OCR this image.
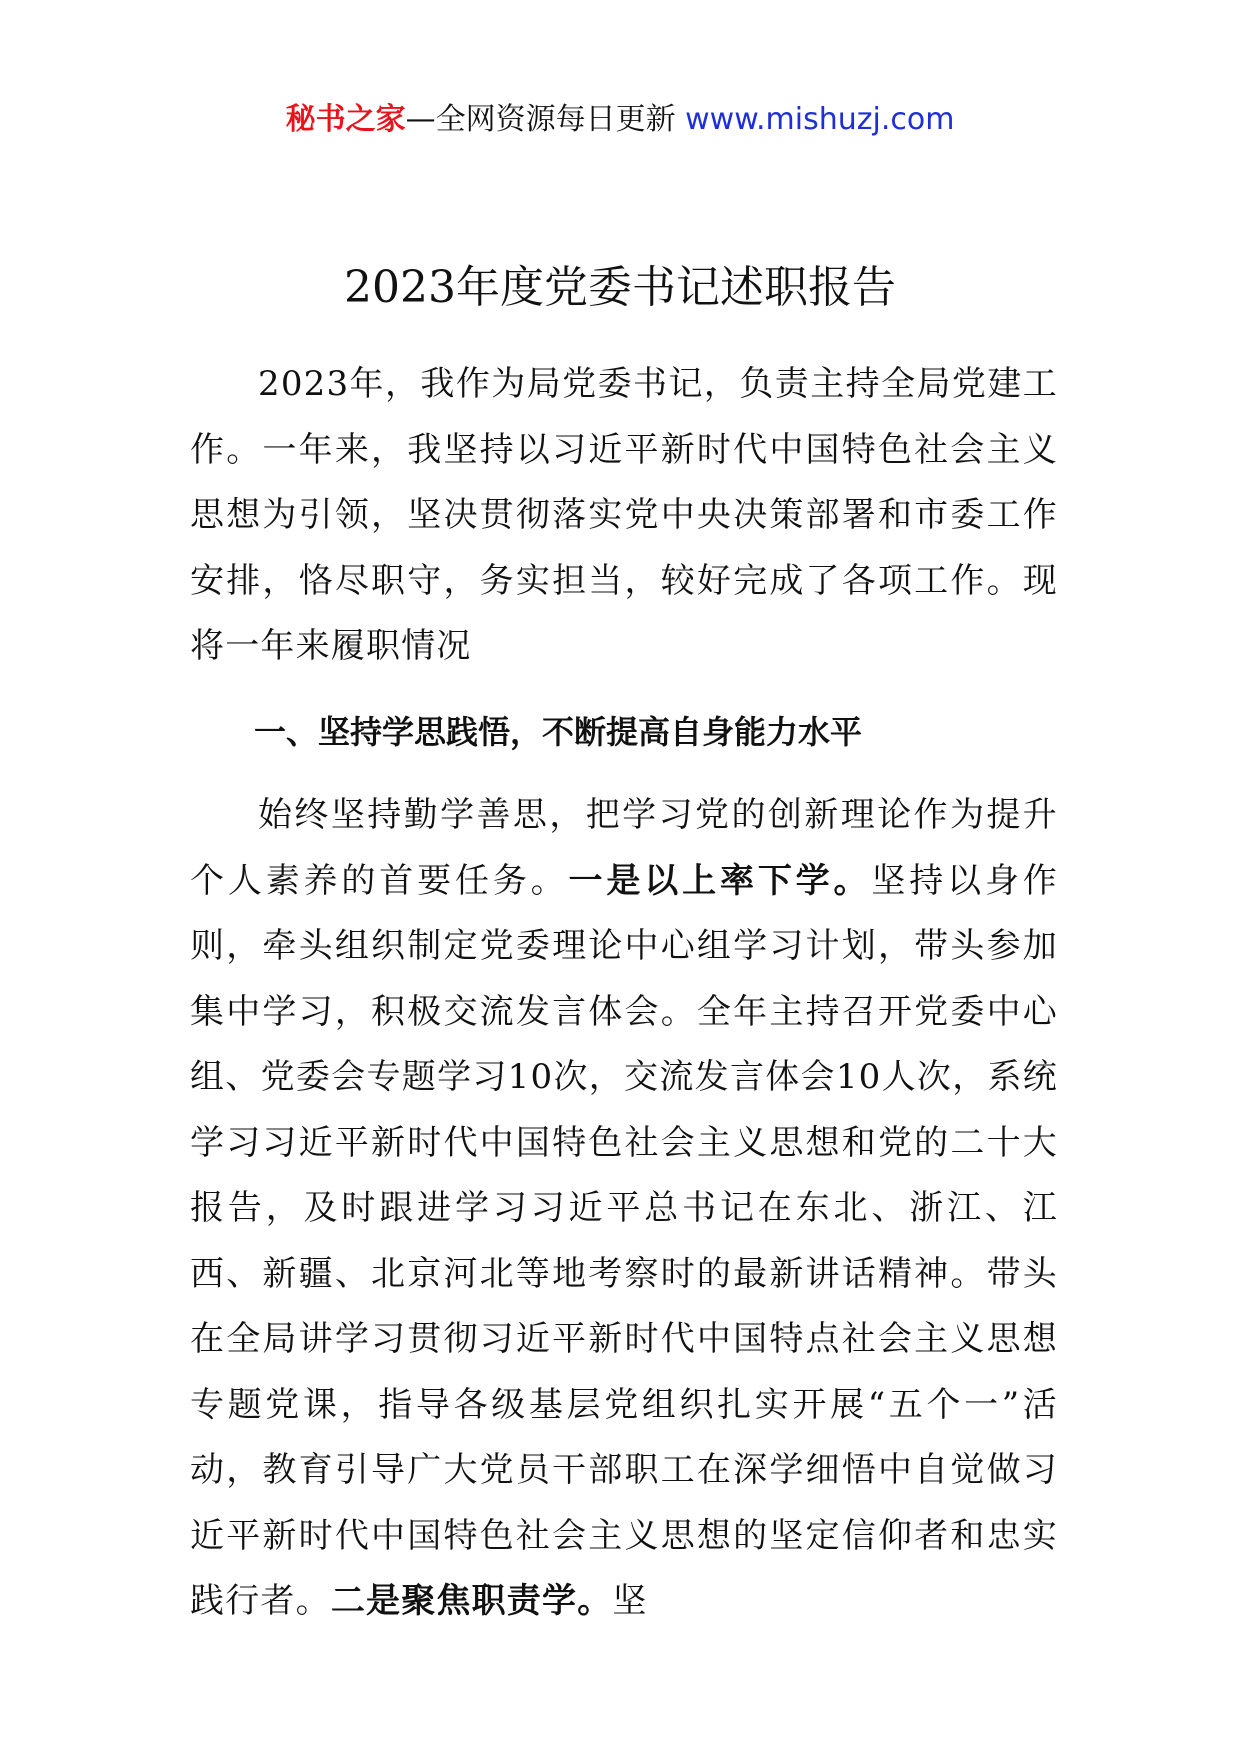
秘书之家—全网资源每日更新 www.mishuzj.com
2023年度党委书记述职报告

2023年，我作为局党委书记，负责主持全局党建工作。一年来，我坚持以习近平新时代中国特色社会主义思想为引领，坚决贯彻落实党中央决策部署和市委工作安排，恪尽职守，务实担当，较好完成了各项工作。现将一年来履职情况

一、坚持学思践悟，不断提高自身能力水平

始终坚持勤学善思，把学习党的创新理论作为提升个人素养的首要任务。一是以上率下学。坚持以身作则，牵头组织制定党委理论中心组学习计划，带头参加集中学习，积极交流发言体会。全年主持召开党委中心组、党委会专题学习10次，交流发言体会10人次，系统学习习近平新时代中国特色社会主义思想和党的二十大报告，及时跟进学习习近平总书记在东北、浙江、江西、新疆、北京河北等地考察时的最新讲话精神。带头在全局讲学习贯彻习近平新时代中国特点社会主义思想专题党课，指导各级基层党组织扎实开展“五个一”活动，教育引导广大党员干部职工在深学细悟中自觉做习近平新时代中国特色社会主义思想的坚定信仰者和忠实践行者。二是聚焦职责学。坚
